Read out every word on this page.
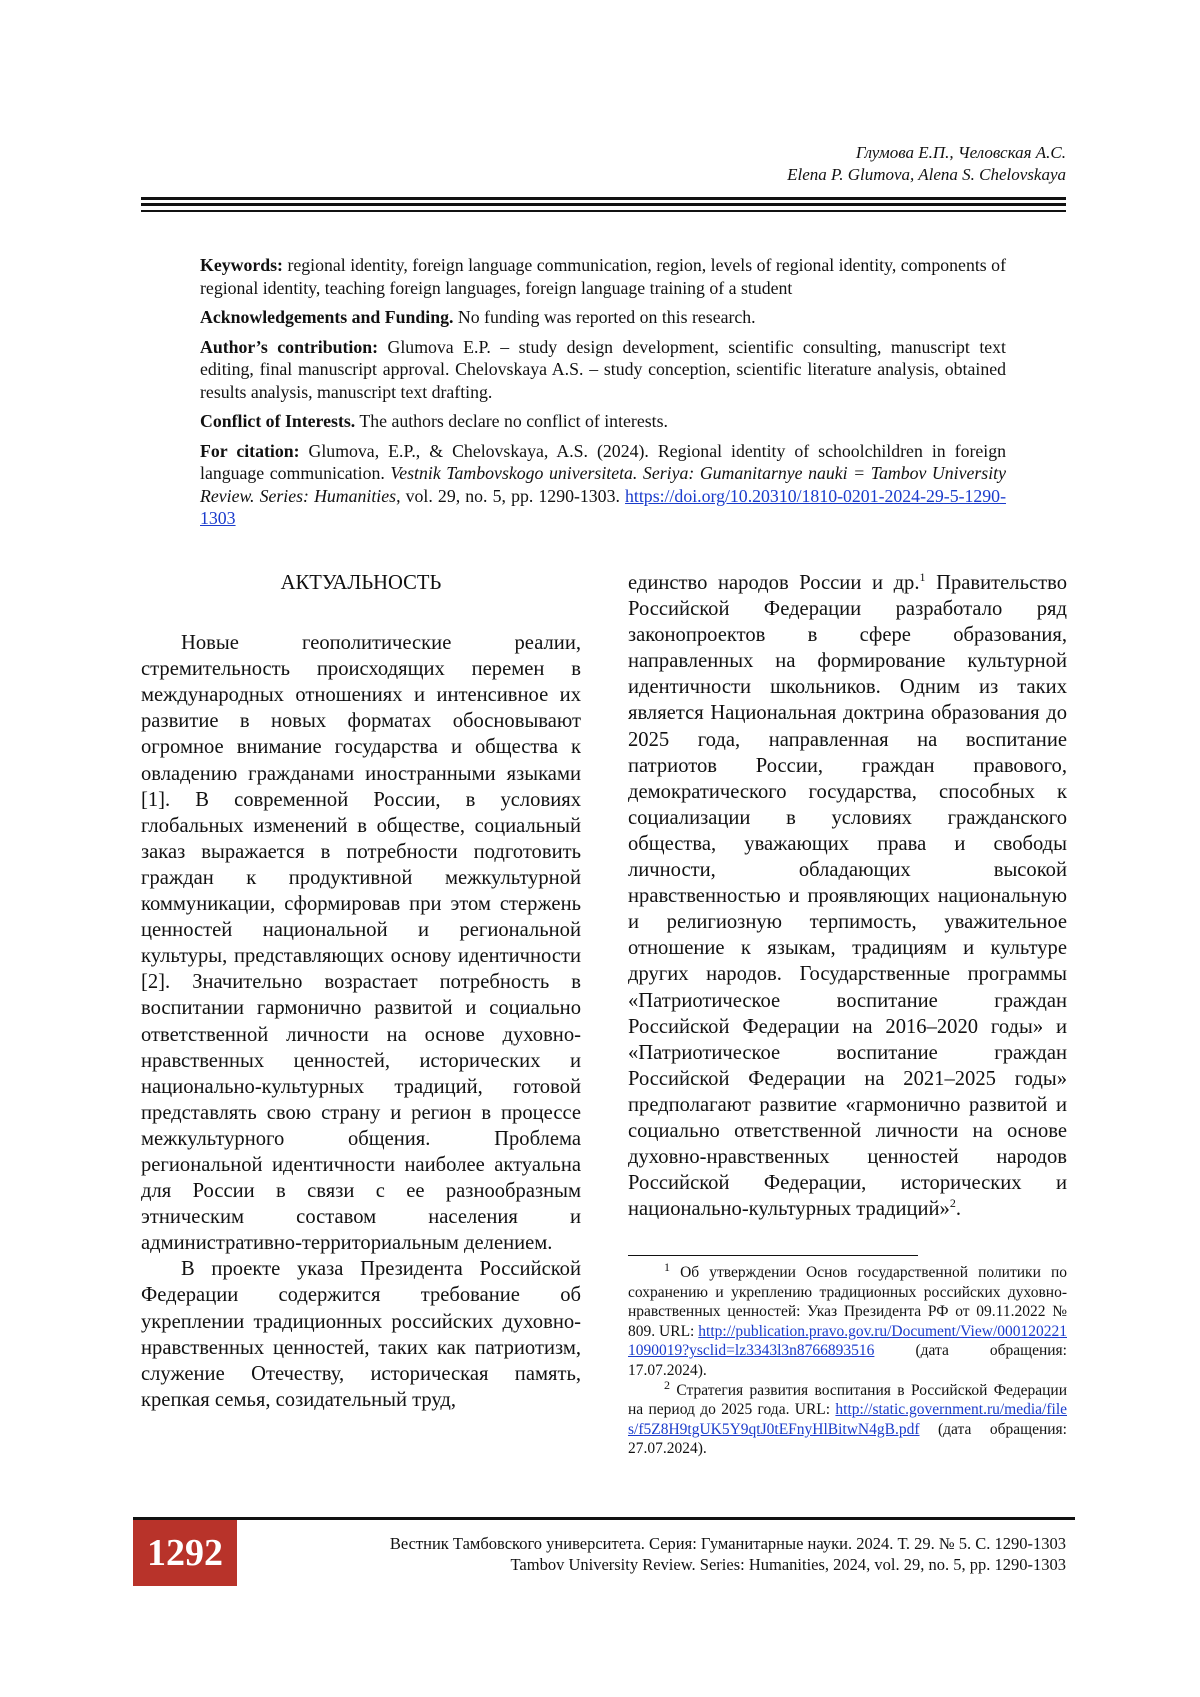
Глумова Е.П., Человская А.С.
Elena P. Glumova, Alena S. Chelovskaya

Keywords: regional identity, foreign language communication, region, levels of regional identity, components of regional identity, teaching foreign languages, foreign language training of a student

Acknowledgements and Funding. No funding was reported on this research.

Author’s contribution: Glumova E.P. – study design development, scientific consulting, manuscript text editing, final manuscript approval. Chelovskaya A.S. – study conception, scientific literature analysis, obtained results analysis, manuscript text drafting.

Conflict of Interests. The authors declare no conflict of interests.

For citation: Glumova, E.P., & Chelovskaya, A.S. (2024). Regional identity of schoolchildren in foreign language communication. Vestnik Tambovskogo universiteta. Seriya: Gumanitarnye nauki = Tambov University Review. Series: Humanities, vol. 29, no. 5, pp. 1290-1303. https://doi.org/10.20310/1810-0201-2024-29-5-1290-1303

АКТУАЛЬНОСТЬ

Новые геополитические реалии, стремительность происходящих перемен в международных отношениях и интенсивное их развитие в новых форматах обосновывают огромное внимание государства и общества к овладению гражданами иностранными языками [1]. В современной России, в условиях глобальных изменений в обществе, социальный заказ выражается в потребности подготовить граждан к продуктивной межкультурной коммуникации, сформировав при этом стержень ценностей национальной и региональной культуры, представляющих основу идентичности [2]. Значительно возрастает потребность в воспитании гармонично развитой и социально ответственной личности на основе духовно-нравственных ценностей, исторических и национально-культурных традиций, готовой представлять свою страну и регион в процессе межкультурного общения. Проблема региональной идентичности наиболее актуальна для России в связи с ее разнообразным этническим составом населения и административно-территориальным делением.

В проекте указа Президента Российской Федерации содержится требование об укреплении традиционных российских духовно-нравственных ценностей, таких как патриотизм, служение Отечеству, историческая память, крепкая семья, созидательный труд,

единство народов России и др.$^1$ Правительство Российской Федерации разработало ряд законопроектов в сфере образования, направленных на формирование культурной идентичности школьников. Одним из таких является Национальная доктрина образования до 2025 года, направленная на воспитание патриотов России, граждан правового, демократического государства, способных к социализации в условиях гражданского общества, уважающих права и свободы личности, обладающих высокой нравственностью и проявляющих национальную и религиозную терпимость, уважительное отношение к языкам, традициям и культуре других народов. Государственные программы «Патриотическое воспитание граждан Российской Федерации на 2016–2020 годы» и «Патриотическое воспитание граждан Российской Федерации на 2021–2025 годы» предполагают развитие «гармонично развитой и социально ответственной личности на основе духовно-нравственных ценностей народов Российской Федерации, исторических и национально-культурных традиций»$^2$.

$^1$ Об утверждении Основ государственной политики по сохранению и укреплению традиционных российских духовно-нравственных ценностей: Указ Президента РФ от 09.11.2022 № 809. URL: http://publication.pravo.gov.ru/Document/View/0001202211090019?ysclid=lz3343l3n8766893516 (дата обращения: 17.07.2024).

$^2$ Стратегия развития воспитания в Российской Федерации на период до 2025 года. URL: http://static.government.ru/media/files/f5Z8H9tgUK5Y9qtJ0tEFnyHlBitwN4gB.pdf (дата обращения: 27.07.2024).

1292	Вестник Тамбовского университета. Серия: Гуманитарные науки. 2024. Т. 29. № 5. С. 1290-1303
Tambov University Review. Series: Humanities, 2024, vol. 29, no. 5, pp. 1290-1303
